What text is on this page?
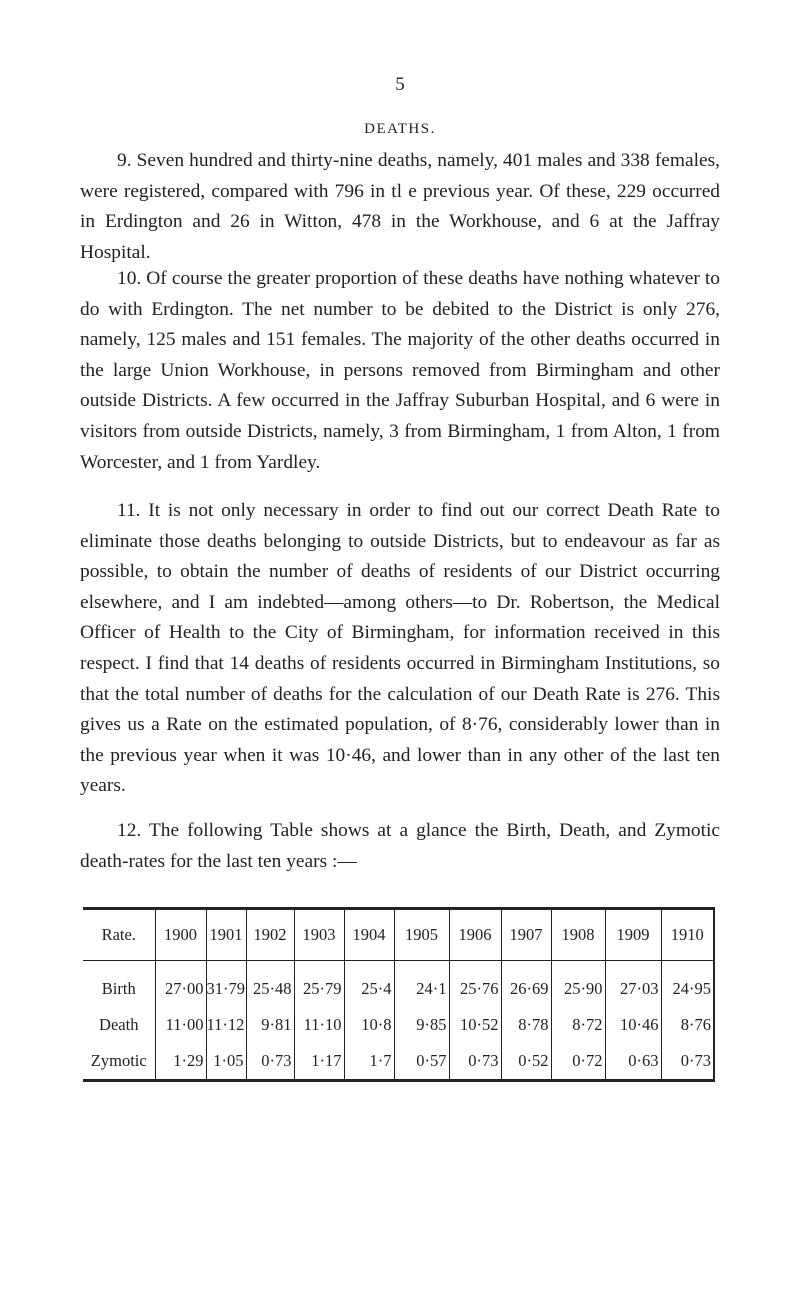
5
DEATHS.

9. Seven hundred and thirty-nine deaths, namely, 401 males and 338 females, were registered, compared with 796 in tl e previous year. Of these, 229 occurred in Erdington and 26 in Witton, 478 in the Workhouse, and 6 at the Jaffray Hospital.

10. Of course the greater proportion of these deaths have nothing whatever to do with Erdington. The net number to be debited to the District is only 276, namely, 125 males and 151 females. The majority of the other deaths occurred in the large Union Workhouse, in persons removed from Birmingham and other outside Districts. A few occurred in the Jaffray Suburban Hospital, and 6 were in visitors from outside Districts, namely, 3 from Birmingham, 1 from Alton, 1 from Worcester, and 1 from Yardley.

11. It is not only necessary in order to find out our correct Death Rate to eliminate those deaths belonging to outside Districts, but to endeavour as far as possible, to obtain the number of deaths of residents of our District occurring elsewhere, and I am indebted—among others—to Dr. Robertson, the Medical Officer of Health to the City of Birmingham, for information received in this respect. I find that 14 deaths of residents occurred in Birmingham Institutions, so that the total number of deaths for the calculation of our Death Rate is 276. This gives us a Rate on the estimated population, of 8·76, considerably lower than in the previous year when it was 10·46, and lower than in any other of the last ten years.

12. The following Table shows at a glance the Birth, Death, and Zymotic death-rates for the last ten years :—

Rate.	1900	1901	1902	1903	1904	1905	1906	1907	1908	1909	1910
Birth	27·00	31·79	25·48	25·79	25·4	24·1	25·76	26·69	25·90	27·03	24·95
Death	11·00	11·12	9·81	11·10	10·8	9·85	10·52	8·78	8·72	10·46	8·76
Zymotic	1·29	1·05	0·73	1·17	1·7	0·57	0·73	0·52	0·72	0·63	0·73
